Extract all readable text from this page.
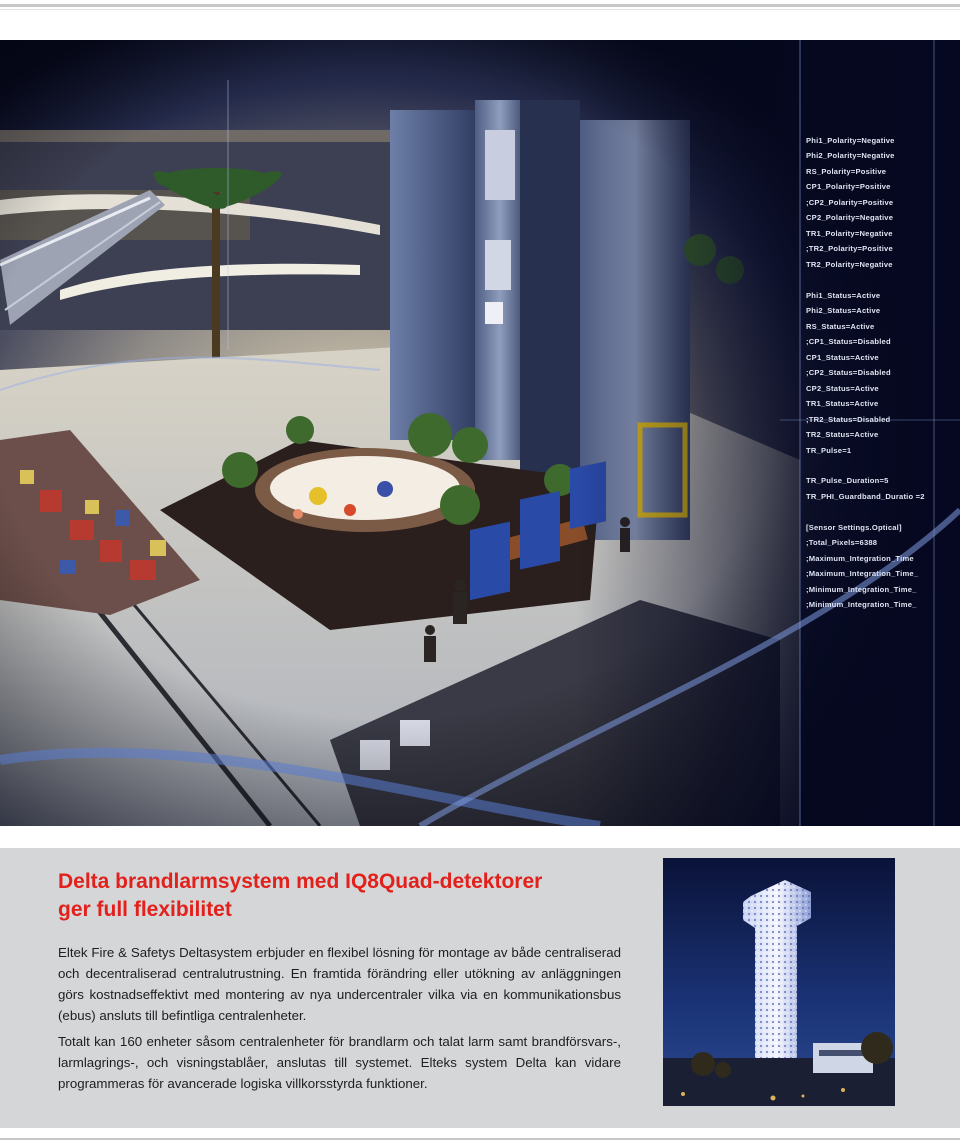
Phi1_Polarity=Negative
Phi2_Polarity=Negative
RS_Polarity=Positive
CP1_Polarity=Positive
;CP2_Polarity=Positive
CP2_Polarity=Negative
TR1_Polarity=Negative
;TR2_Polarity=Positive
TR2_Polarity=Negative
Phi1_Status=Active
Phi2_Status=Active
RS_Status=Active
;CP1_Status=Disabled
CP1_Status=Active
;CP2_Status=Disabled
CP2_Status=Active
TR1_Status=Active
;TR2_Status=Disabled
TR2_Status=Active
TR_Pulse=1
TR_Pulse_Duration=5
TR_PHI_Guardband_Duratio =2
[Sensor Settings.Optical]
;Total_Pixels=6388
;Maximum_Integration_Time
;Maximum_Integration_Time_
;Minimum_Integration_Time_
;Minimum_Integration_Time_
Delta brandlarmsystem med IQ8Quad-detektorer
ger full flexibilitet

Eltek Fire & Safetys Deltasystem erbjuder en flexibel lösning för montage av både centraliserad och decentraliserad centralutrustning. En framtida förändring eller utökning av anläggningen görs kostnadseffektivt med montering av nya undercentraler vilka via en kommunikationsbus (ebus) ansluts till befintliga centralenheter.

Totalt kan 160 enheter såsom centralenheter för brandlarm och talat larm samt brandförsvars-, larmlagrings-, och visningstablåer, anslutas till systemet. Elteks system Delta kan vidare programmeras för avancerade logiska villkorsstyrda funktioner.
